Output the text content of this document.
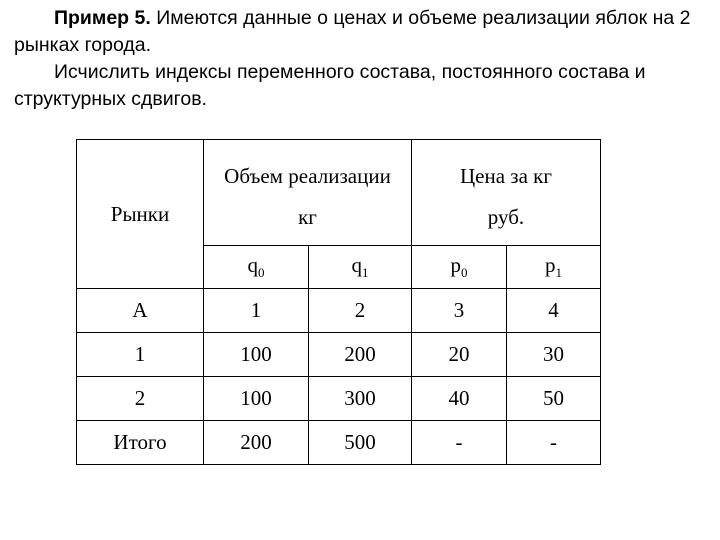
Пример 5. Имеются данные о ценах и объеме реализации яблок на 2 рынках города.

Исчислить индексы переменного состава, постоянного состава и структурных сдвигов.

Рынки	Объем реализации		Цена за кг	
	кг		руб.	
	$q_0$	$q_1$	$p_0$	$p_1$
А	1	2	3	4
1	100	200	20	30
2	100	300	40	50
Итого	200	500	-	-
